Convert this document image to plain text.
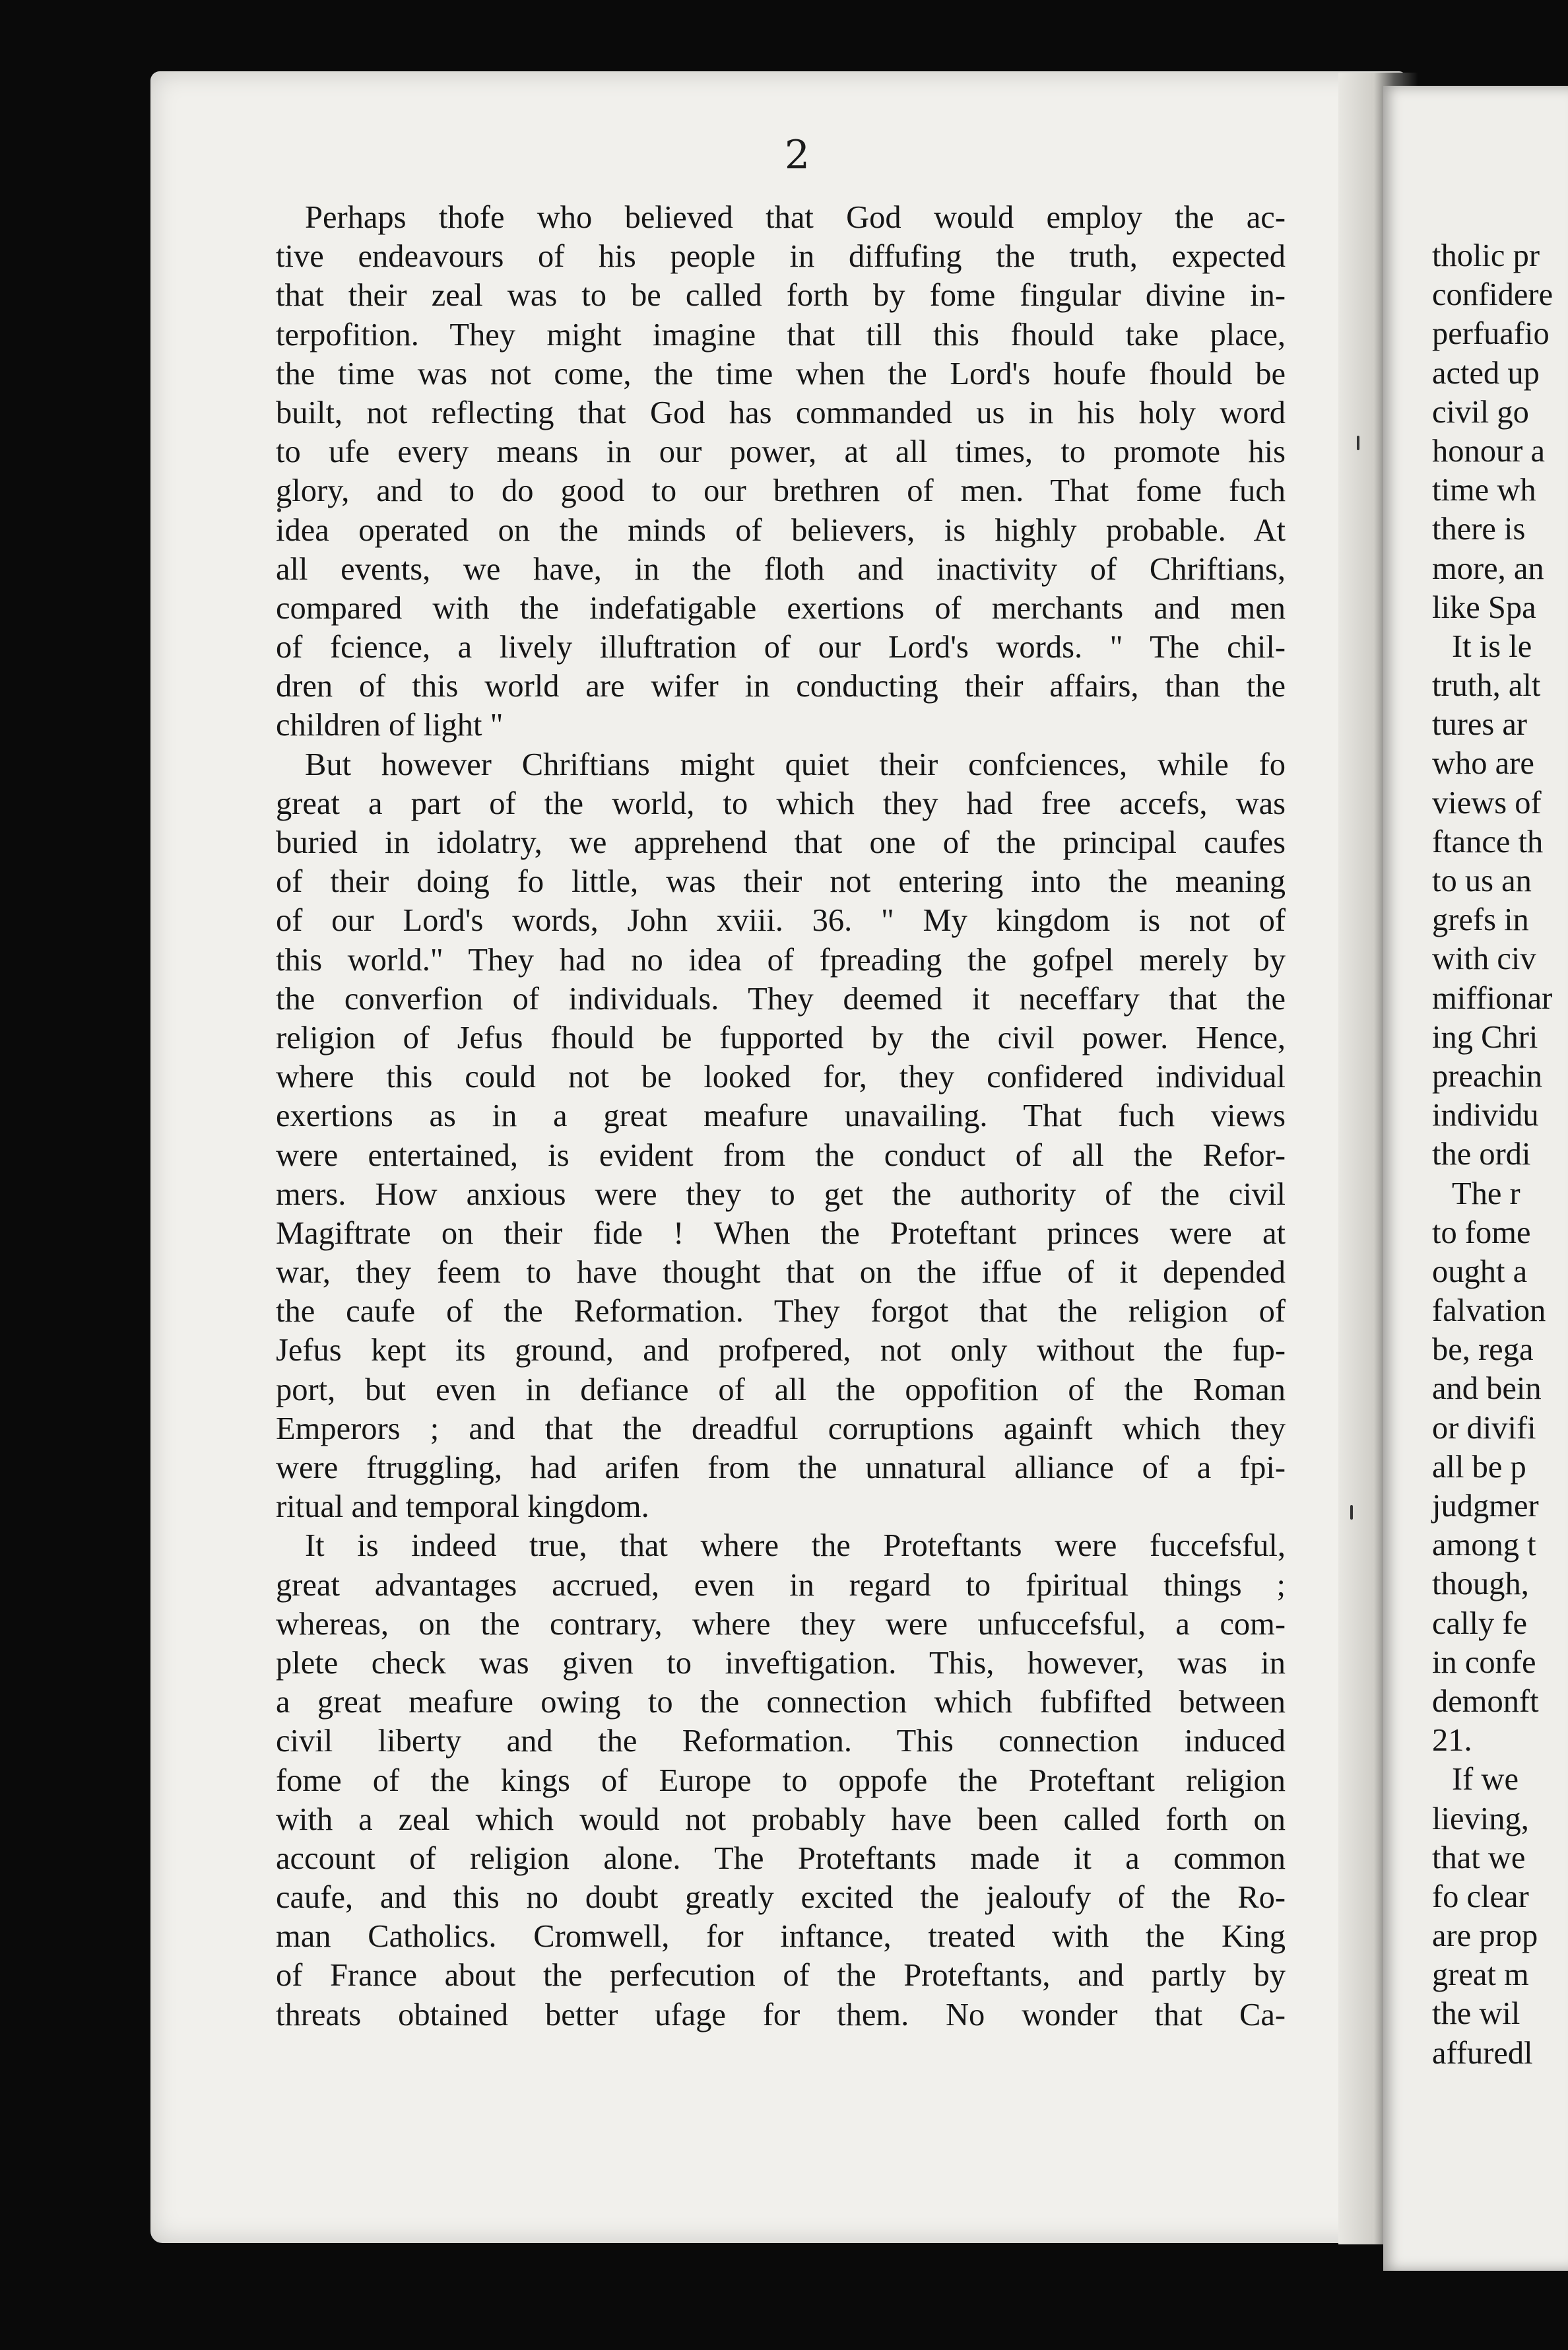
2
Perhaps thofe who believed that God would employ the ac-
tive endeavours of his people in diffufing the truth, expected
that their zeal was to be called forth by fome fingular divine in-
terpofition. They might imagine that till this fhould take place,
the time was not come, the time when the Lord's houfe fhould be
built, not reflecting that God has commanded us in his holy word
to ufe every means in our power, at all times, to promote his
glory, and to do good to our brethren of men. That fome fuch
idea operated on the minds of believers, is highly probable. At
all events, we have, in the floth and inactivity of Chriftians,
compared with the indefatigable exertions of merchants and men
of fcience, a lively illuftration of our Lord's words. " The chil-
dren of this world are wifer in conducting their affairs, than the
children of light "
But however Chriftians might quiet their confciences, while fo
great a part of the world, to which they had free accefs, was
buried in idolatry, we apprehend that one of the principal caufes
of their doing fo little, was their not entering into the meaning
of our Lord's words, John xviii. 36. " My kingdom is not of
this world." They had no idea of fpreading the gofpel merely by
the converfion of individuals. They deemed it neceffary that the
religion of Jefus fhould be fupported by the civil power. Hence,
where this could not be looked for, they confidered individual
exertions as in a great meafure unavailing. That fuch views
were entertained, is evident from the conduct of all the Refor-
mers. How anxious were they to get the authority of the civil
Magiftrate on their fide ! When the Proteftant princes were at
war, they feem to have thought that on the iffue of it depended
the caufe of the Reformation. They forgot that the religion of
Jefus kept its ground, and profpered, not only without the fup-
port, but even in defiance of all the oppofition of the Roman
Emperors ; and that the dreadful corruptions againft which they
were ftruggling, had arifen from the unnatural alliance of a fpi-
ritual and temporal kingdom.
It is indeed true, that where the Proteftants were fuccefsful,
great advantages accrued, even in regard to fpiritual things ;
whereas, on the contrary, where they were unfuccefsful, a com-
plete check was given to inveftigation. This, however, was in
a great meafure owing to the connection which fubfifted between
civil liberty and the Reformation. This connection induced
fome of the kings of Europe to oppofe the Proteftant religion
with a zeal which would not probably have been called forth on
account of religion alone. The Proteftants made it a common
caufe, and this no doubt greatly excited the jealoufy of the Ro-
man Catholics. Cromwell, for inftance, treated with the King
of France about the perfecution of the Proteftants, and partly by
threats obtained better ufage for them. No wonder that Ca-
tholic pr
confidere
perfuafio
acted up
civil go
honour a
time wh
there is
more, an
like Spa
It is le
truth, alt
tures ar
who are
views of
ftance th
to us an
grefs in
with civ
miffionar
ing Chri
preachin
individu
the ordi
The r
to fome
ought a
falvation
be, rega
and bein
or divifi
all be p
judgmer
among t
though,
cally fe
in confe
demonft
21.
If we
lieving,
that we
fo clear
are prop
great m
the wil
affuredl
